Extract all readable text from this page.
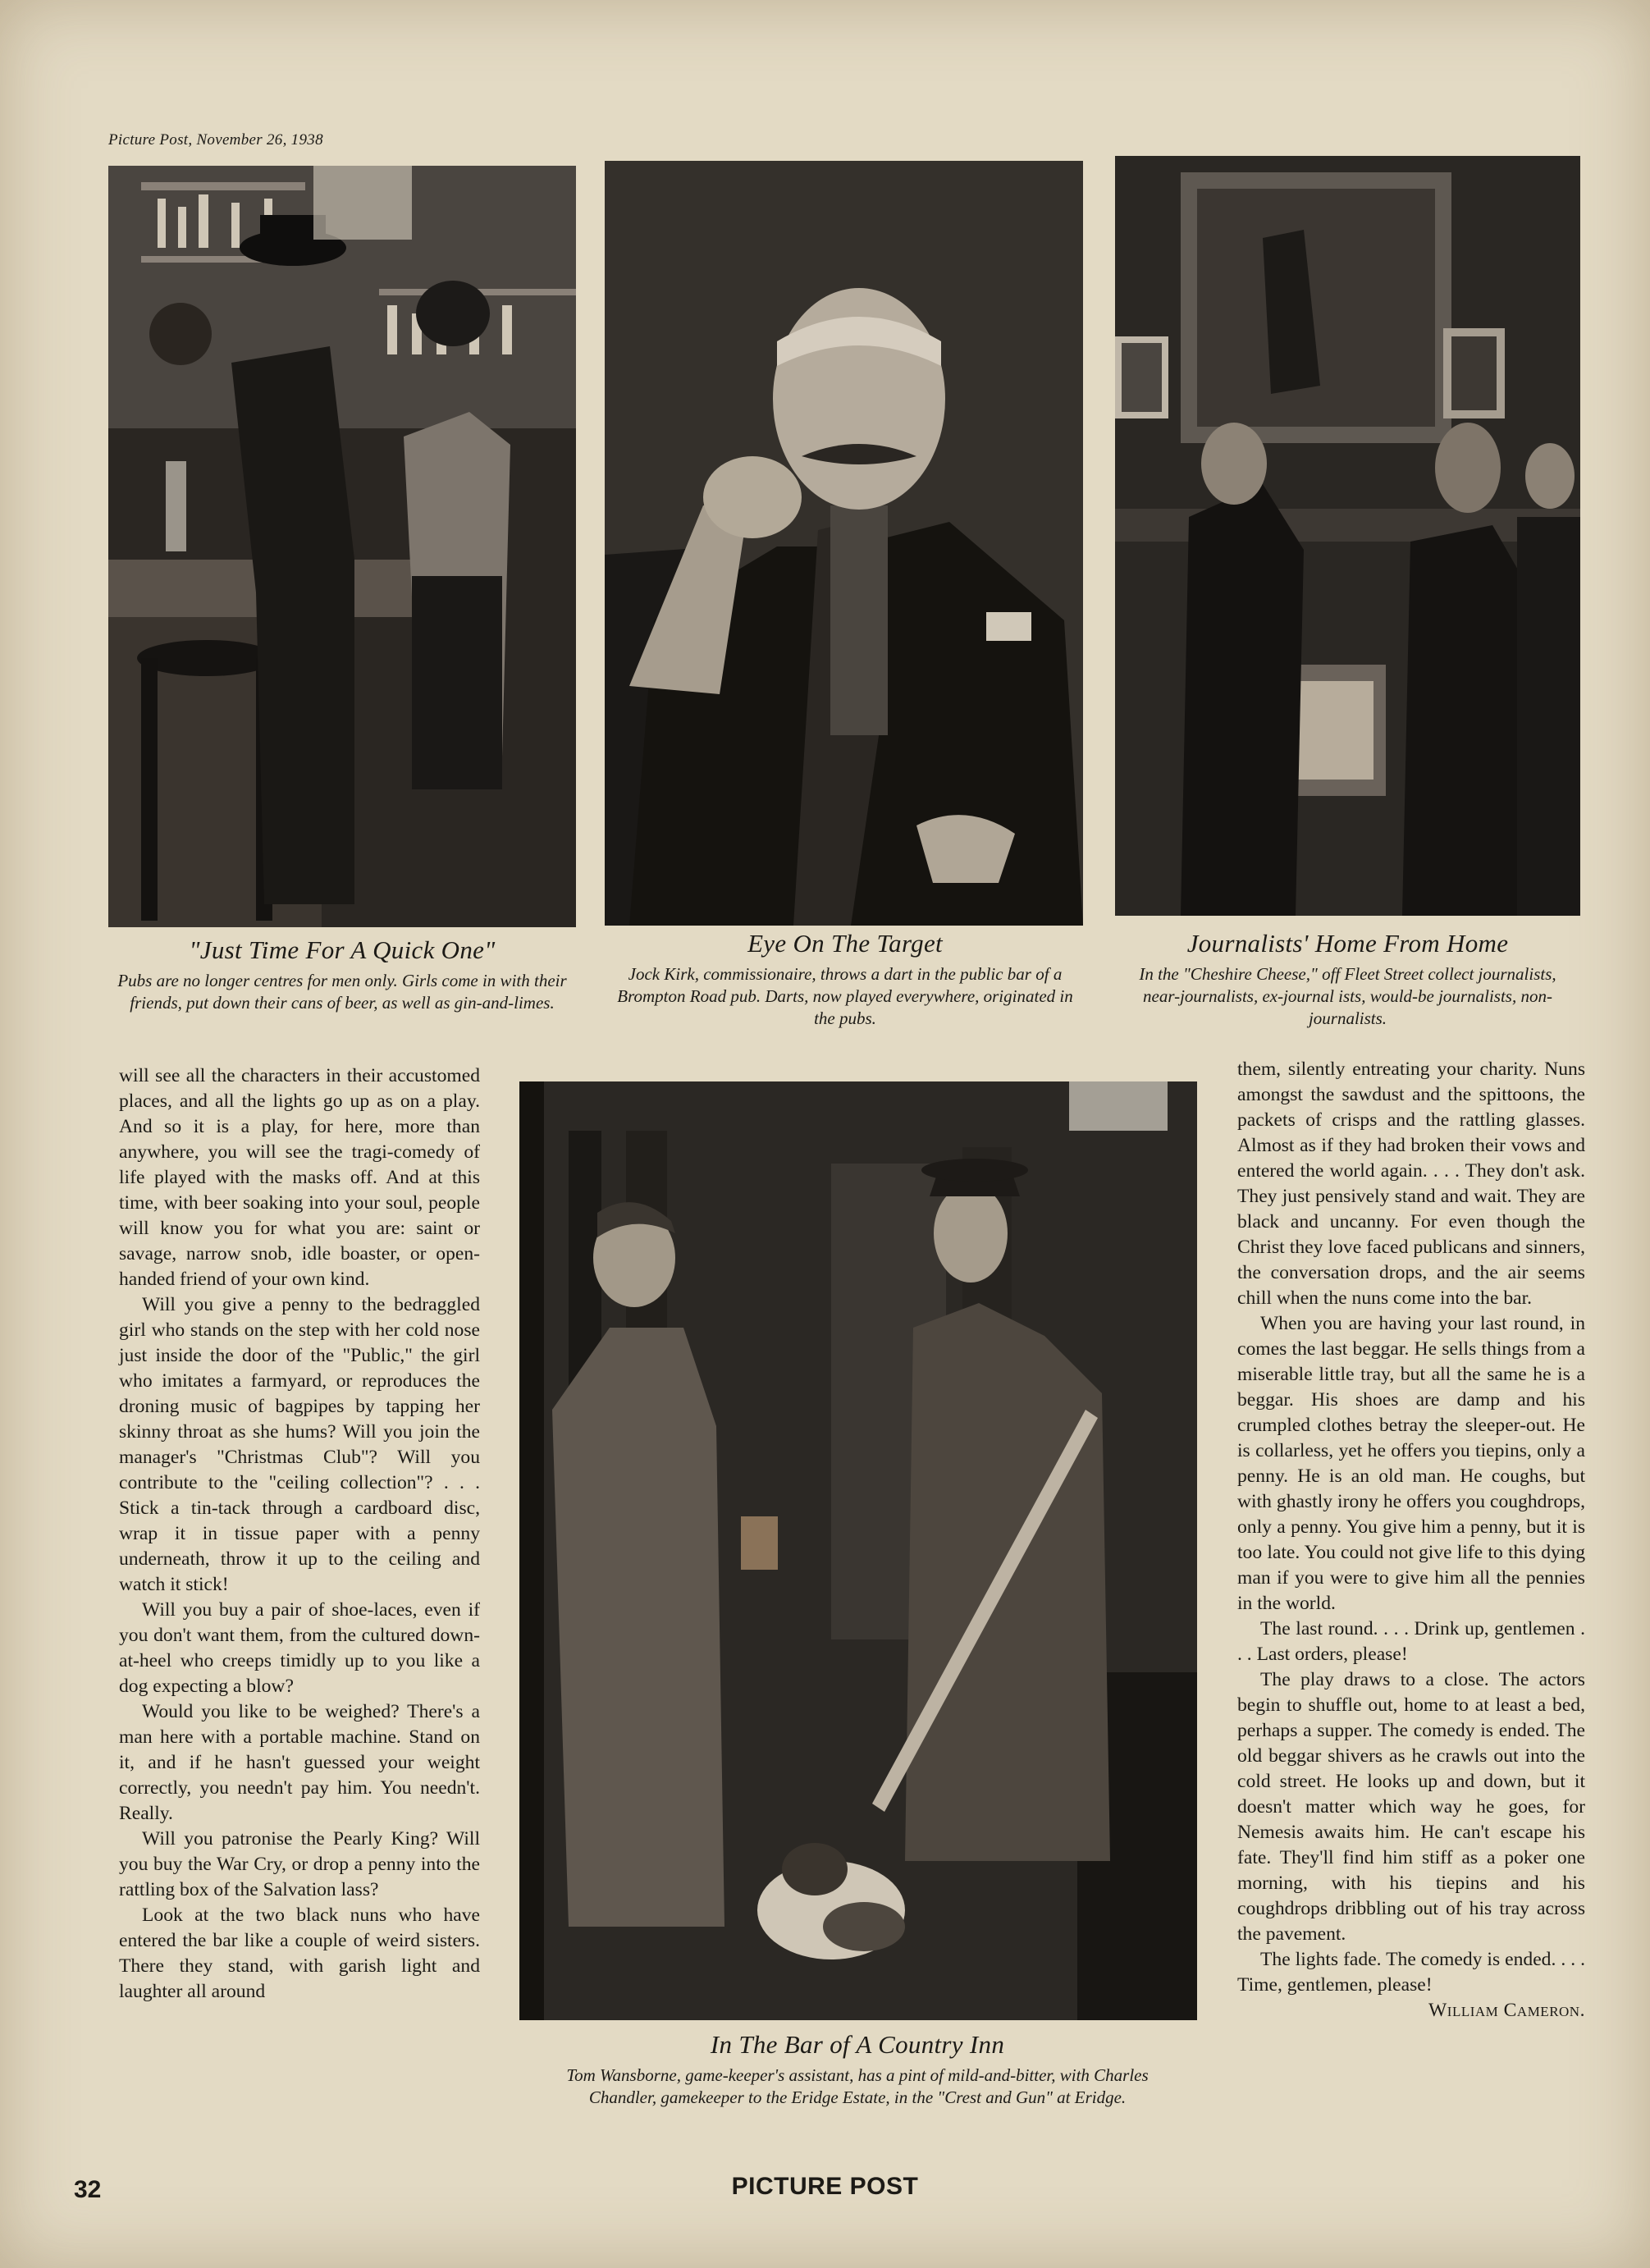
Picture Post, November 26, 1938
"Just Time For A Quick One"
Pubs are no longer centres for men only. Girls come in with their friends, put down their cans of beer, as well as gin-and-limes.
Eye On The Target
Jock Kirk, commissionaire, throws a dart in the public bar of a Brompton Road pub. Darts, now played everywhere, originated in the pubs.
Journalists' Home From Home
In the "Cheshire Cheese," off Fleet Street collect journalists, near-journalists, ex-journal ists, would-be journalists, non-journalists.
In The Bar of A Country Inn
Tom Wansborne, game-keeper's assistant, has a pint of mild-and-bitter, with Charles Chandler, gamekeeper to the Eridge Estate, in the "Crest and Gun" at Eridge.

will see all the characters in their accustomed places, and all the lights go up as on a play. And so it is a play, for here, more than anywhere, you will see the tragi-comedy of life played with the masks off. And at this time, with beer soaking into your soul, people will know you for what you are: saint or savage, narrow snob, idle boaster, or open-handed friend of your own kind.

Will you give a penny to the bedraggled girl who stands on the step with her cold nose just inside the door of the "Public," the girl who imitates a farmyard, or reproduces the droning music of bagpipes by tapping her skinny throat as she hums? Will you join the manager's "Christmas Club"? Will you contribute to the "ceiling collection"? . . . Stick a tin-tack through a cardboard disc, wrap it in tissue paper with a penny underneath, throw it up to the ceiling and watch it stick!

Will you buy a pair of shoe-laces, even if you don't want them, from the cultured down-at-heel who creeps timidly up to you like a dog expecting a blow?

Would you like to be weighed? There's a man here with a portable machine. Stand on it, and if he hasn't guessed your weight correctly, you needn't pay him. You needn't. Really.

Will you patronise the Pearly King? Will you buy the War Cry, or drop a penny into the rattling box of the Salvation lass?

Look at the two black nuns who have entered the bar like a couple of weird sisters. There they stand, with garish light and laughter all around

them, silently entreating your charity. Nuns amongst the sawdust and the spittoons, the packets of crisps and the rattling glasses. Almost as if they had broken their vows and entered the world again. . . . They don't ask. They just pensively stand and wait. They are black and uncanny. For even though the Christ they love faced publicans and sinners, the conversation drops, and the air seems chill when the nuns come into the bar.

When you are having your last round, in comes the last beggar. He sells things from a miserable little tray, but all the same he is a beggar. His shoes are damp and his crumpled clothes betray the sleeper-out. He is collarless, yet he offers you tiepins, only a penny. He is an old man. He coughs, but with ghastly irony he offers you coughdrops, only a penny. You give him a penny, but it is too late. You could not give life to this dying man if you were to give him all the pennies in the world.

The last round. . . . Drink up, gentlemen . . . Last orders, please!

The play draws to a close. The actors begin to shuffle out, home to at least a bed, perhaps a supper. The comedy is ended. The old beggar shivers as he crawls out into the cold street. He looks up and down, but it doesn't matter which way he goes, for Nemesis awaits him. He can't escape his fate. They'll find him stiff as a poker one morning, with his tiepins and his coughdrops dribbling out of his tray across the pavement.

The lights fade. The comedy is ended. . . . Time, gentlemen, please!

William Cameron.
32	PICTURE POST
